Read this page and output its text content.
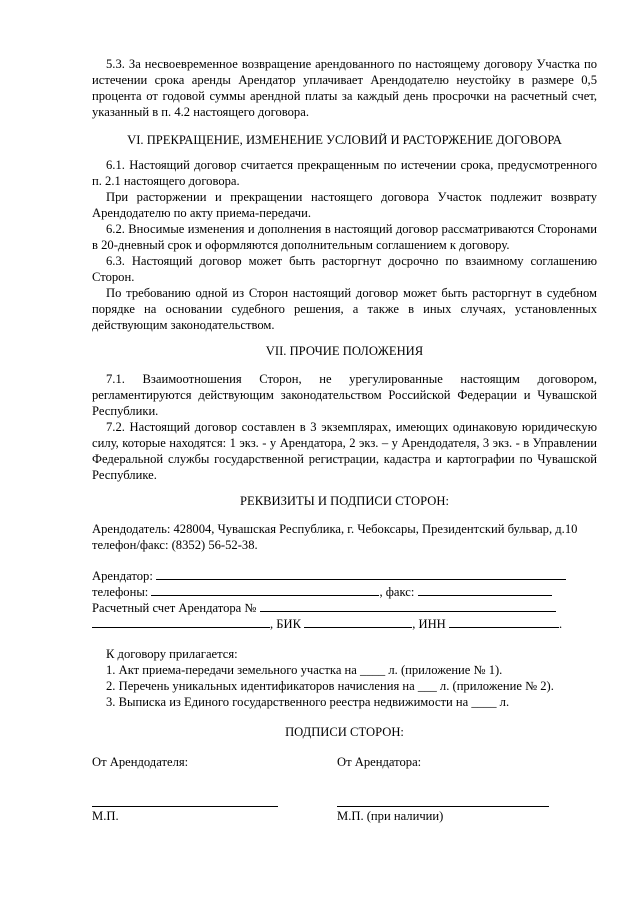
5.3. За несвоевременное возвращение арендованного по настоящему договору Участка по истечении срока аренды Арендатор уплачивает Арендодателю неустойку в размере 0,5 процента от годовой суммы арендной платы за каждый день просрочки на расчетный счет, указанный в п. 4.2 настоящего договора.

VI. ПРЕКРАЩЕНИЕ, ИЗМЕНЕНИЕ УСЛОВИЙ И РАСТОРЖЕНИЕ ДОГОВОРА

6.1. Настоящий договор считается прекращенным по истечении срока, предусмотренного п. 2.1 настоящего договора.

При расторжении и прекращении настоящего договора Участок подлежит возврату Арендодателю по акту приема-передачи.

6.2. Вносимые изменения и дополнения в настоящий договор рассматриваются Сторонами в 20-дневный срок и оформляются дополнительным соглашением к договору.

6.3. Настоящий договор может быть расторгнут досрочно по взаимному соглашению Сторон.

По требованию одной из Сторон настоящий договор может быть расторгнут в судебном порядке на основании судебного решения, а также в иных случаях, установленных действующим законодательством.

VII. ПРОЧИЕ ПОЛОЖЕНИЯ

7.1. Взаимоотношения Сторон, не урегулированные настоящим договором, регламентируются действующим законодательством Российской Федерации и Чувашской Республики.

7.2. Настоящий договор составлен в 3 экземплярах, имеющих одинаковую юридическую силу, которые находятся: 1 экз. - у Арендатора, 2 экз. – у Арендодателя, 3 экз. - в Управлении Федеральной службы государственной регистрации, кадастра и картографии по Чувашской Республике.

РЕКВИЗИТЫ И ПОДПИСИ СТОРОН:

Арендодатель: 428004, Чувашская Республика, г. Чебоксары, Президентский бульвар, д.10

телефон/факс: (8352) 56-52-38.

Арендатор:
телефоны:	, факс:
Расчетный счет Арендатора №
, БИК	, ИНН	.

К договору прилагается:

1. Акт приема-передачи земельного участка на ____ л. (приложение № 1).

2. Перечень уникальных идентификаторов начисления на ___ л. (приложение № 2).

3. Выписка из Единого государственного реестра недвижимости на ____ л.

ПОДПИСИ СТОРОН:

От Арендодателя:	От Арендатора:
М.П.	М.П. (при наличии)
